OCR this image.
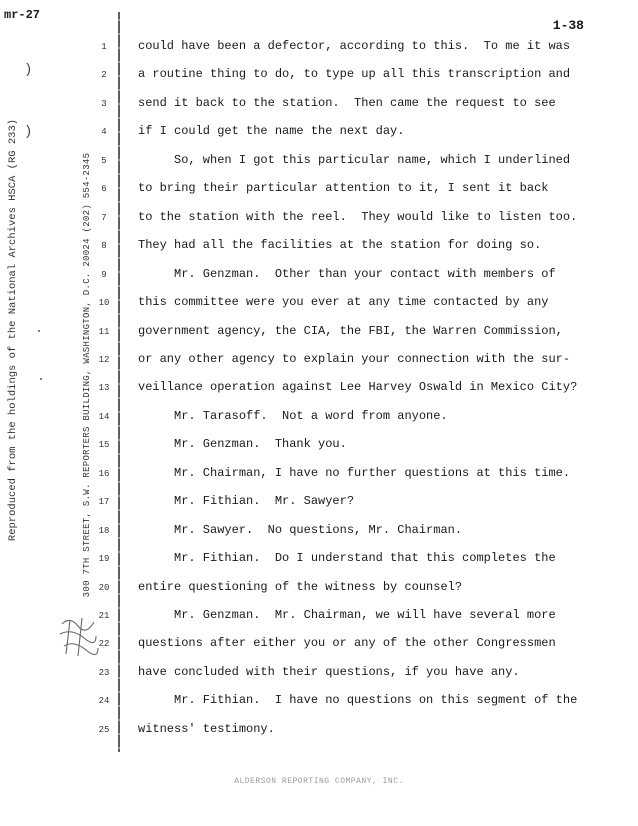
mr-27
1-38
Reproduced from the holdings of the National Archives HSCA (RG 233)	300 7TH STREET, S.W. REPORTERS BUILDING, WASHINGTON, D.C. 20024 (202) 554-2345
)
)
1
2
3
4
5
6
7
8
9
10
11
12
13
14
15
16
17
18
19
20
21
22
23
24
25
could have been a defector, according to this.  To me it was
a routine thing to do, to type up all this transcription and
send it back to the station.  Then came the request to see
if I could get the name the next day.
So, when I got this particular name, which I underlined
to bring their particular attention to it, I sent it back
to the station with the reel.  They would like to listen too.
They had all the facilities at the station for doing so.
Mr. Genzman.  Other than your contact with members of
this committee were you ever at any time contacted by any
government agency, the CIA, the FBI, the Warren Commission,
or any other agency to explain your connection with the sur-
veillance operation against Lee Harvey Oswald in Mexico City?
Mr. Tarasoff.  Not a word from anyone.
Mr. Genzman.  Thank you.
Mr. Chairman, I have no further questions at this time.
Mr. Fithian.  Mr. Sawyer?
Mr. Sawyer.  No questions, Mr. Chairman.
Mr. Fithian.  Do I understand that this completes the
entire questioning of the witness by counsel?
Mr. Genzman.  Mr. Chairman, we will have several more
questions after either you or any of the other Congressmen
have concluded with their questions, if you have any.
Mr. Fithian.  I have no questions on this segment of the
witness' testimony.
ALDERSON REPORTING COMPANY, INC.
